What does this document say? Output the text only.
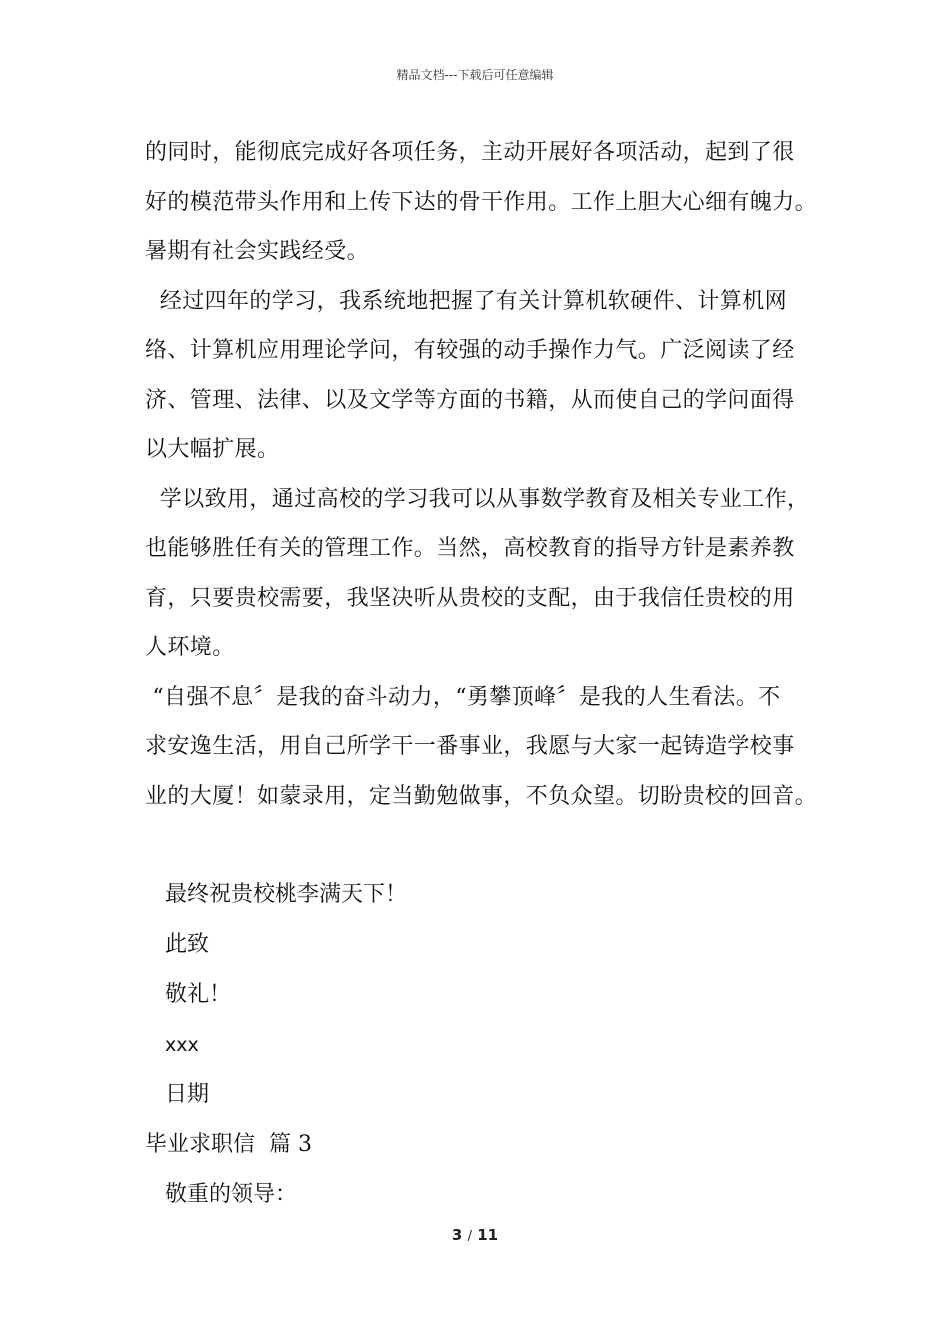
精品文档---下载后可任意编辑

的同时，能彻底完成好各项任务，主动开展好各项活动，起到了很

好的模范带头作用和上传下达的骨干作用。工作上胆大心细有魄力。

暑期有社会实践经受。

经过四年的学习，我系统地把握了有关计算机软硬件、计算机网

络、计算机应用理论学问，有较强的动手操作力气。广泛阅读了经

济、管理、法律、以及文学等方面的书籍，从而使自己的学问面得

以大幅扩展。

学以致用，通过高校的学习我可以从事数学教育及相关专业工作，

也能够胜任有关的管理工作。当然，高校教育的指导方针是素养教

育，只要贵校需要，我坚决听从贵校的支配，由于我信任贵校的用

人环境。

“自强不息〞是我的奋斗动力，“勇攀顶峰〞是我的人生看法。不

求安逸生活，用自己所学干一番事业，我愿与大家一起铸造学校事

业的大厦！如蒙录用，定当勤勉做事，不负众望。切盼贵校的回音。

最终祝贵校桃李满天下！

此致

敬礼！

xxx

日期

毕业求职信  篇 3

敬重的领导：

3 / 11
